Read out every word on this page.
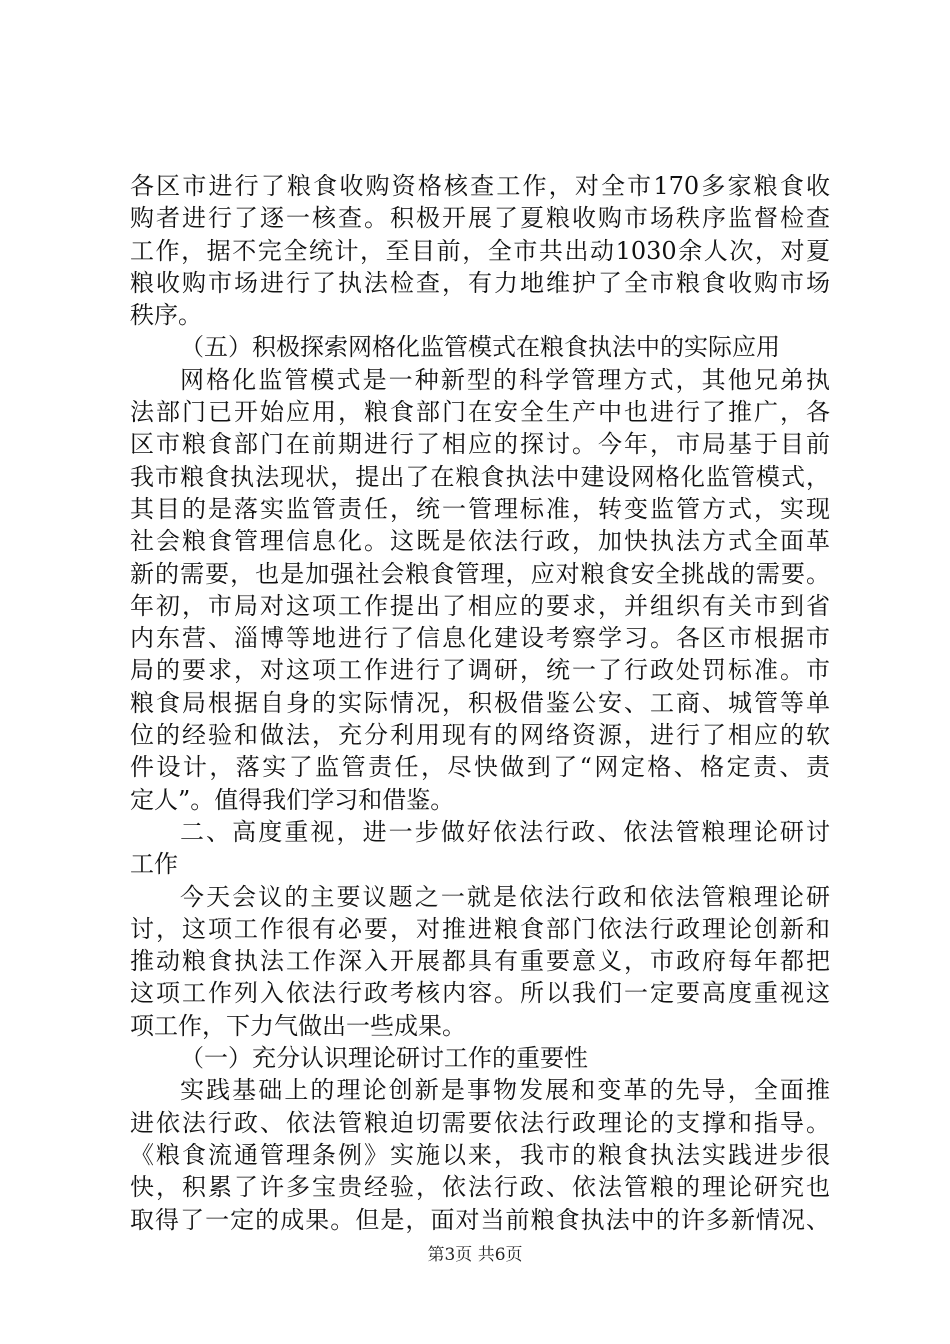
各区市进行了粮食收购资格核查工作，对全市170多家粮食收
购者进行了逐一核查。积极开展了夏粮收购市场秩序监督检查
工作，据不完全统计，至目前，全市共出动1030余人次，对夏
粮收购市场进行了执法检查，有力地维护了全市粮食收购市场
秩序。
（五）积极探索网格化监管模式在粮食执法中的实际应用
网格化监管模式是一种新型的科学管理方式，其他兄弟执
法部门已开始应用，粮食部门在安全生产中也进行了推广，各
区市粮食部门在前期进行了相应的探讨。今年，市局基于目前
我市粮食执法现状，提出了在粮食执法中建设网格化监管模式，
其目的是落实监管责任，统一管理标准，转变监管方式，实现
社会粮食管理信息化。这既是依法行政，加快执法方式全面革
新的需要，也是加强社会粮食管理，应对粮食安全挑战的需要。
年初，市局对这项工作提出了相应的要求，并组织有关市到省
内东营、淄博等地进行了信息化建设考察学习。各区市根据市
局的要求，对这项工作进行了调研，统一了行政处罚标准。市
粮食局根据自身的实际情况，积极借鉴公安、工商、城管等单
位的经验和做法，充分利用现有的网络资源，进行了相应的软
件设计，落实了监管责任，尽快做到了“网定格、格定责、责
定人”。值得我们学习和借鉴。
二、高度重视，进一步做好依法行政、依法管粮理论研讨
工作
今天会议的主要议题之一就是依法行政和依法管粮理论研
讨，这项工作很有必要，对推进粮食部门依法行政理论创新和
推动粮食执法工作深入开展都具有重要意义，市政府每年都把
这项工作列入依法行政考核内容。所以我们一定要高度重视这
项工作，下力气做出一些成果。
（一）充分认识理论研讨工作的重要性
实践基础上的理论创新是事物发展和变革的先导，全面推
进依法行政、依法管粮迫切需要依法行政理论的支撑和指导。
《粮食流通管理条例》实施以来，我市的粮食执法实践进步很
快，积累了许多宝贵经验，依法行政、依法管粮的理论研究也
取得了一定的成果。但是，面对当前粮食执法中的许多新情况、
第3页 共6页
